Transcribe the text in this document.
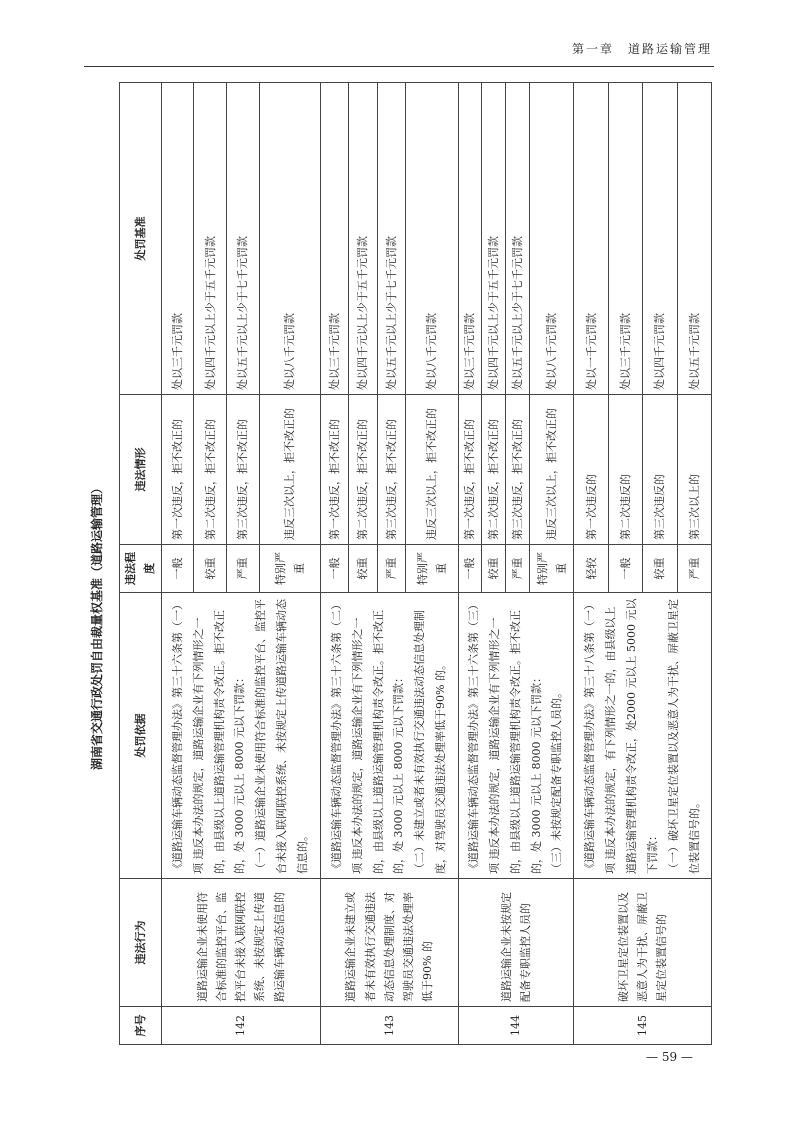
第一章　道路运输管理
湖南省交通行政处罚自由裁量权基准（道路运输管理）
序号	违法行为	处罚依据	违法程度	违法情形	处罚基准
142	道路运输企业未使用符合标准的监控平台、监控平台未接入联网联控系统、未按规定上传道路运输车辆动态信息的	《道路运输车辆动态监督管理办法》第三十六条第（一）项 违反本办法的规定，道路运输企业有下列情形之一的，由县级以上道路运输管理机构责令改正。拒不改正的，处 3000 元以上 8000 元以下罚款： （一）道路运输企业未使用符合标准的监控平台、监控平台未接入联网联控系统、未按规定上传道路运输车辆动态信息的。	一般	第一次违反，拒不改正的	处以三千元罚款
			较重	第二次违反，拒不改正的	处以四千元以上少于五千元罚款
			严重	第三次违反，拒不改正的	处以五千元以上少于七千元罚款
			特别严重	违反三次以上，拒不改正的	处以八千元罚款
143	道路运输企业未建立或者未有效执行交通违法动态信息处理制度、对驾驶员交通违法处理率低于90% 的	《道路运输车辆动态监督管理办法》第三十六条第（二）项 违反本办法的规定，道路运输企业有下列情形之一的，由县级以上道路运输管理机构责令改正。拒不改正的，处 3000 元以上 8000 元以下罚款： （二）未建立或者未有效执行交通违法动态信息处理制度，对驾驶员交通违法处理率低于90% 的。	一般	第一次违反，拒不改正的	处以三千元罚款
			较重	第二次违反，拒不改正的	处以四千元以上少于五千元罚款
			严重	第三次违反，拒不改正的	处以五千元以上少于七千元罚款
			特别严重	违反三次以上，拒不改正的	处以八千元罚款
144	道路运输企业未按规定配备专职监控人员的	《道路运输车辆动态监督管理办法》第三十六条第（三）项 违反本办法的规定，道路运输企业有下列情形之一的，由县级以上道路运输管理机构责令改正。拒不改正的，处 3000 元以上 8000 元以下罚款： （三）未按规定配备专职监控人员的。	一般	第一次违反，拒不改正的	处以三千元罚款
			较重	第二次违反，拒不改正的	处以四千元以上少于五千元罚款
			严重	第三次违反，拒不改正的	处以五千元以上少于七千元罚款
			特别严重	违反三次以上，拒不改正的	处以八千元罚款
145	破坏卫星定位装置以及恶意人为干扰、屏蔽卫星定位装置信号的	《道路运输车辆动态监督管理办法》第三十八条第（一）项 违反本办法的规定，有下列情形之一的，由县级以上道路运输管理机构责令改正，处2000 元以上 5000 元以下罚款： （一）破坏卫星定位装置以及恶意人为干扰、屏蔽卫星定位装置信号的。	轻较	第一次违反的	处以一千元罚款
			一般	第二次违反的	处以三千元罚款
			较重	第三次违反的	处以四千元罚款
			严重	第三次以上的	处以五千元罚款
— 59 —
